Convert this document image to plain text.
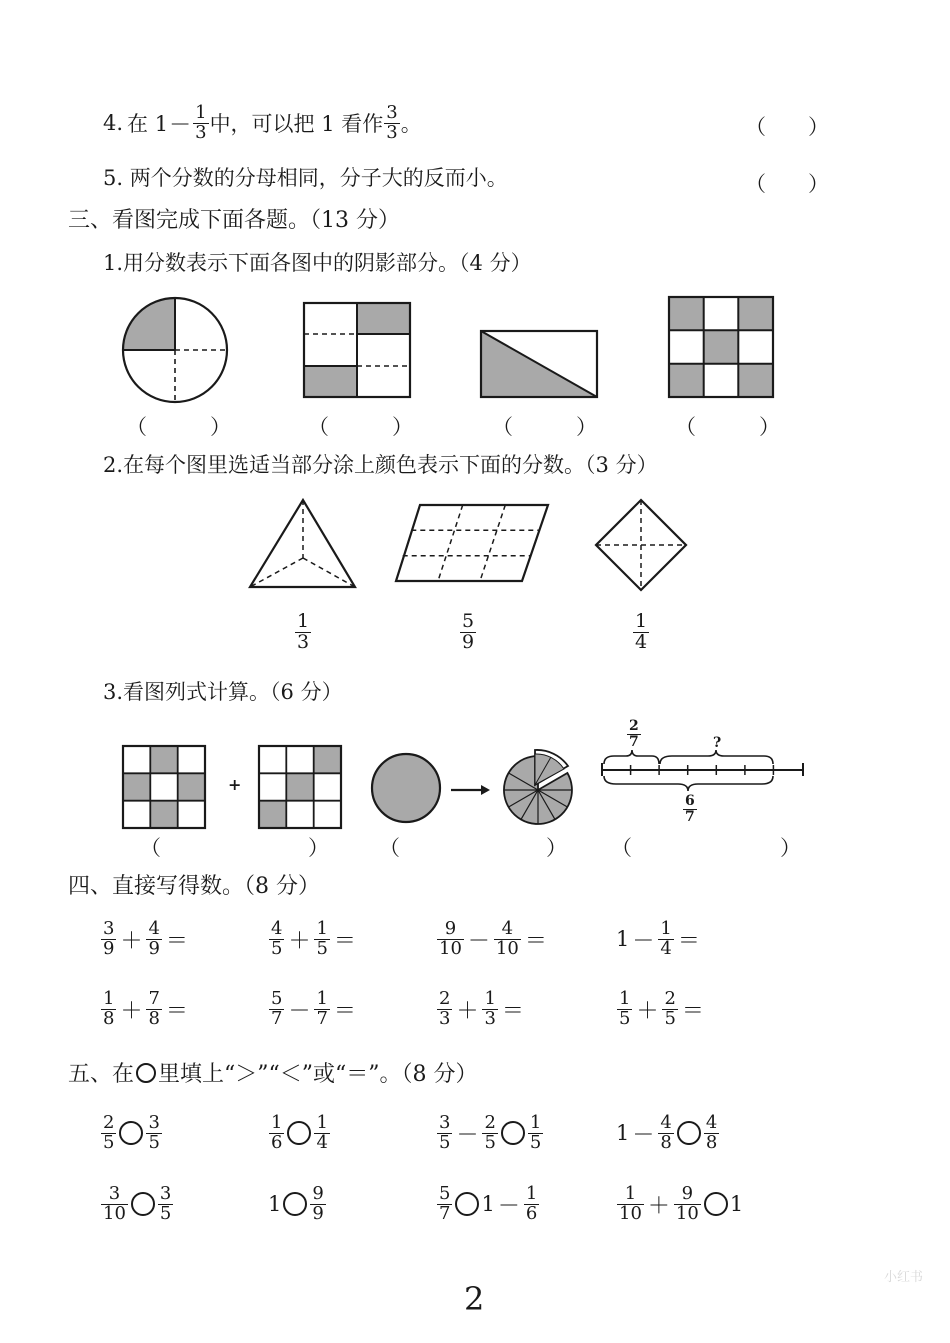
4. 在 $1 - \frac{1}{3}$ 中，可以把 1 看作 $\frac{3}{3}$ 。	（　　）
5. 两个分数的分母相同，分子大的反而小。	（　　）
三、看图完成下面各题。（13 分）
1.用分数表示下面各图中的阴影部分。（4 分）
（　　　）	（　　　）	（　　　）	（　　　）
2.在每个图里选适当部分涂上颜色表示下面的分数。（3 分）
$\frac{1}{3}$	$\frac{5}{9}$	$\frac{1}{4}$
3.看图列式计算。（6 分）
+
$\frac{2}{7}$	?
$\frac{6}{7}$
（	） （	） （	）
四、直接写得数。（8 分）
$\frac{3}{9} + \frac{4}{9}$ ＝	$\frac{4}{5} + \frac{1}{5}$ ＝	$\frac{9}{10} - \frac{4}{10}$ ＝	$1 - \frac{1}{4}$ ＝
$\frac{1}{8} + \frac{7}{8}$ ＝	$\frac{5}{7} - \frac{1}{7}$ ＝	$\frac{2}{3} + \frac{1}{3}$ ＝	$\frac{1}{5} + \frac{2}{5}$ ＝
五、在 里填上“＞”“＜”或“＝”。（8 分）
$\frac{2}{5} \frac{3}{5}$	$\frac{1}{6} \frac{1}{4}$	$\frac{3}{5} - \frac{2}{5} \frac{1}{5}$	$1 - \frac{4}{8} \frac{4}{8}$
$\frac{3}{10} \frac{3}{5}$	$1 \frac{9}{9}$	$\frac{5}{7} 1 - \frac{1}{6}$	$\frac{1}{10} + \frac{9}{10} 1$
2
小红书
